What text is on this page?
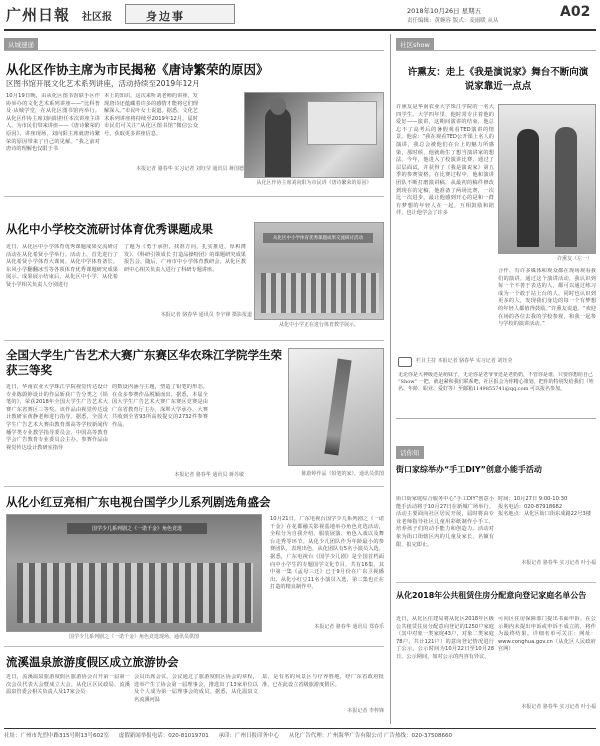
广州日報 社区报	身边事	2018年10月26日 星期五
责任编辑：黄婉容 版式：麦雨暖 从从
A02
从城速递
从化区作协主席为市民揭秘《唐诗繁荣的原因》
区图书馆开展文化艺术系列讲座，活动持续至2019年12月
10月19日晚，由从化区图书馆联手区作协举办的文化艺术系列讲座——“比科普及·从城学堂，在从化区图书馆内举行。从化区作协主席刘向阳担任本次讲座主讲人，为市民们带来讲座——《唐诗繁荣的原因》。讲座现场，刘向阳主席就唐诗繁荣的原因带来了自己的见解。“我之前对唐诗的理解也仅限于书
本上的知识，这次来听刘老师的讲座，发现唐诗还蕴藏着许多的感情才能将它们理解深入。”市民叶女士说道。据悉，文化艺术系列讲座将持续至2019年12月。届时市民们可关注“从化区图书馆”微信公众号，获取更多讲座信息。
本报记者 骆春华 实习记者 刘钰莹 通讯员 蒋国德
从化区作协主席刘向阳为市民讲《唐诗繁荣的原因》
从化中小学校交流研讨体育优秀课题成果
近日，从化区中小学体育优秀课题成果交流研讨活动在从化希贤小学举行。活动上，首先进行了从化希贤小学体育大课间。从化中学体育备长、东风小学翻翻冰雪等各项体育优秀课题研究成果展示。成果展示结束后，从化区中小学、从化希贤小学相关负责人分别进行
了题为《勇于承担，找准方向，扎实推进，厚积薄发》、《科研引领成长 打造品操特团》的课题研究成果报告会。随后，广州市中小学体育教研会、从化区教研中心相关负责人进行了科研专题讲座。
本报记者 骆春华 通讯员 李宇锋 摄影报道
从化区中小学体育优秀课题成果交流研讨活动
从化中小学正在进行体育教学展示。
全国大学生广告艺术大赛广东赛区华农珠江学院学生荣获三等奖
近日，华南农业大学珠江学院视觉传达设计专业陈蔚婷设计的作品斩获广告分类之《铅笔的》，荣获2018年全国大学生广告艺术大赛广东省赛区三等奖。该作品由视觉传达设计教研室黄静老师进行指导。据悉，全国大学生广告艺术大赛由教育部高等学校新闻传播学类专业教学指导委员会、中国高等教育学会广告教育专业委员会主办。参赛作品由视觉传达设计教研室指导
的数设内涵与主题，塑造了铅笔的形态。在众多参赛作品脱颖而出。据悉，本届全国大学生广告艺术大赛广东赛区竞赛是由广东省教育厅主办，深圳大学承办，大赛共收到全省93所高校提交的2732件参赛作品。
本报记者 骆春华 通讯员 蒋苏敏	陈蔚婷作品《铅笔的家》。通讯员供图
从化小红豆亮相广东电视台国学少儿系列剧选角盛会
国学少儿系列剧之《一诺千金》角色竞选
国学少儿系列剧之《一诺千金》角色竞选现场。通讯员供图
10月21日，广东电视台国学少儿系列剧之《一诺千金》在花都融关影视基地举办角色竞选活动，全程分为自我介绍、服装展演、角色入戏以及舞台走秀等环节。从化少儿团队作为年龄最小的参赛团队，表现出色，从化团队有5名小演员入选。据悉，广东电视台《国学少儿剧》是全国首档面向中小学生的专题国学文化节目，共有16集，其中第一集《孟母三迁》已于9月份在广东卫视播出。从化小红豆11名小演员入选，第二集也正在打造的精良制作中。
本报记者 骆春华 通讯员 郑春乐
流溪温泉旅游度假区成立旅游协会
近日，流溪温泉旅游度假区旅游协会召开第一届第一次会员代表大会暨成立大会。从化区区民政局、流溪温泉管委会相关负责人及17家会员
会员出席会议。会议通过了旅游度假区协会的章程，选举产生了协会第一届理事会，推选出了13家单位以及个人成为第一届理事会的成员。据悉，从化温泉文名流溪河温
泉，是有名的风景区与疗养胜地，经广东省政府批准，已在此设立省级旅游度假区。
本报记者 李梓锋
社区show
许熏友：走上《我是演说家》舞台不断向演说家靠近一点点
许熏友是华南农业大学珠江学院的一名大四学生。大学四年里，他时常专注着他的爱好——演讲，这期间演讲的结束，他总忘不了高考后的暑假观看TED演讲的情景。他说：“我在观看TED公开课上名人的演讲，我总会被他们在台上的魅力所感染，那时候，他就萌生了想当演讲家的想法。今年，他进入了校演讲比赛，通过了层层面试，并获得了《我是演说家》第五季的参赛资格。在比赛过程中，他和演讲团队不断打磨演讲稿，从最初的稿件修改到现在的定稿，他准备了两场比赛，一次比一次进步。最让他感到开心的是和一群有梦想的年轻人在一起，互相鼓励和陪伴，也让他学会了许多
许熏友（左一）
合作、有许多媒体和观众都在现场观看我们的演讲。通过这个演讲活动，我认识到每一个不善于表达的人，都可以通过练习成为一个敢于站上台的人。同时也认识到更多的人，发现我们身边的每一个有梦想的年轻人都值得鼓励。”许熏友说道。“欢迎在场的各位去我的学校参观，和我一起参与学校的演讲活动。”
栏目主持 本报记者 骆春华 实习记者 刘钰莹
无论你是大神级还是萌妹子，无论你是老爷爷还是老奶奶，不管你是谁，只要你想给自己 “Show” 一把，就赶紧和我们联系吧，社区报会为你精心策划，把你的特别发给我们（姓名、年龄、职业、爱好等）至邮箱1149855741@qq.com 可以报名参加。
话你知
街口家综举办“手工DIY”创意小能手活动
街口街家庭综合服务中心“手工DIY”创意小能手活动将于10月27日在新城广场举行。活动主要面向社区居民开展，届时将由专业老师指导社区儿童用彩纸制作小手工、培养孩子们的动手能力和创造力。活动对象为街口街辖区内的儿童及家长，名额有限，报完即止。
时间：10月27日 9:00-10:30
报名电话：020-87918682
报名地点：从化区街口街东成路22号3楼
本报记者 骆春华 实习记者 叶小福
从化2018年公共租赁住房分配意向登记家庭名单公告
近日，从化区住建局将从化区2018年区级公共租赁住房分配意向登记的1250户家庭（其中对象一类家庭43户，对象二类家庭78户，共计121户）的意向登记情况进行了公示，公示时间为10月22日至10月28日。公示期间，如对公示的内容有异议，
可向区住房保障部门提出书面申诉。在公示期内未提出申诉或申诉不成立的，将作为最终结果。详细名单可关注：网址：www.conghua.gov.cn（从化区人民政府官网）
本报记者 骆春华 实习记者 叶小福
社址：广州市先烈中路315号附13号602室 虚假新闻举报电话：020-81019701 承印：广州日报印务中心 从化广告代理：广州海华广告有限公司 广告热线：020-37508660
